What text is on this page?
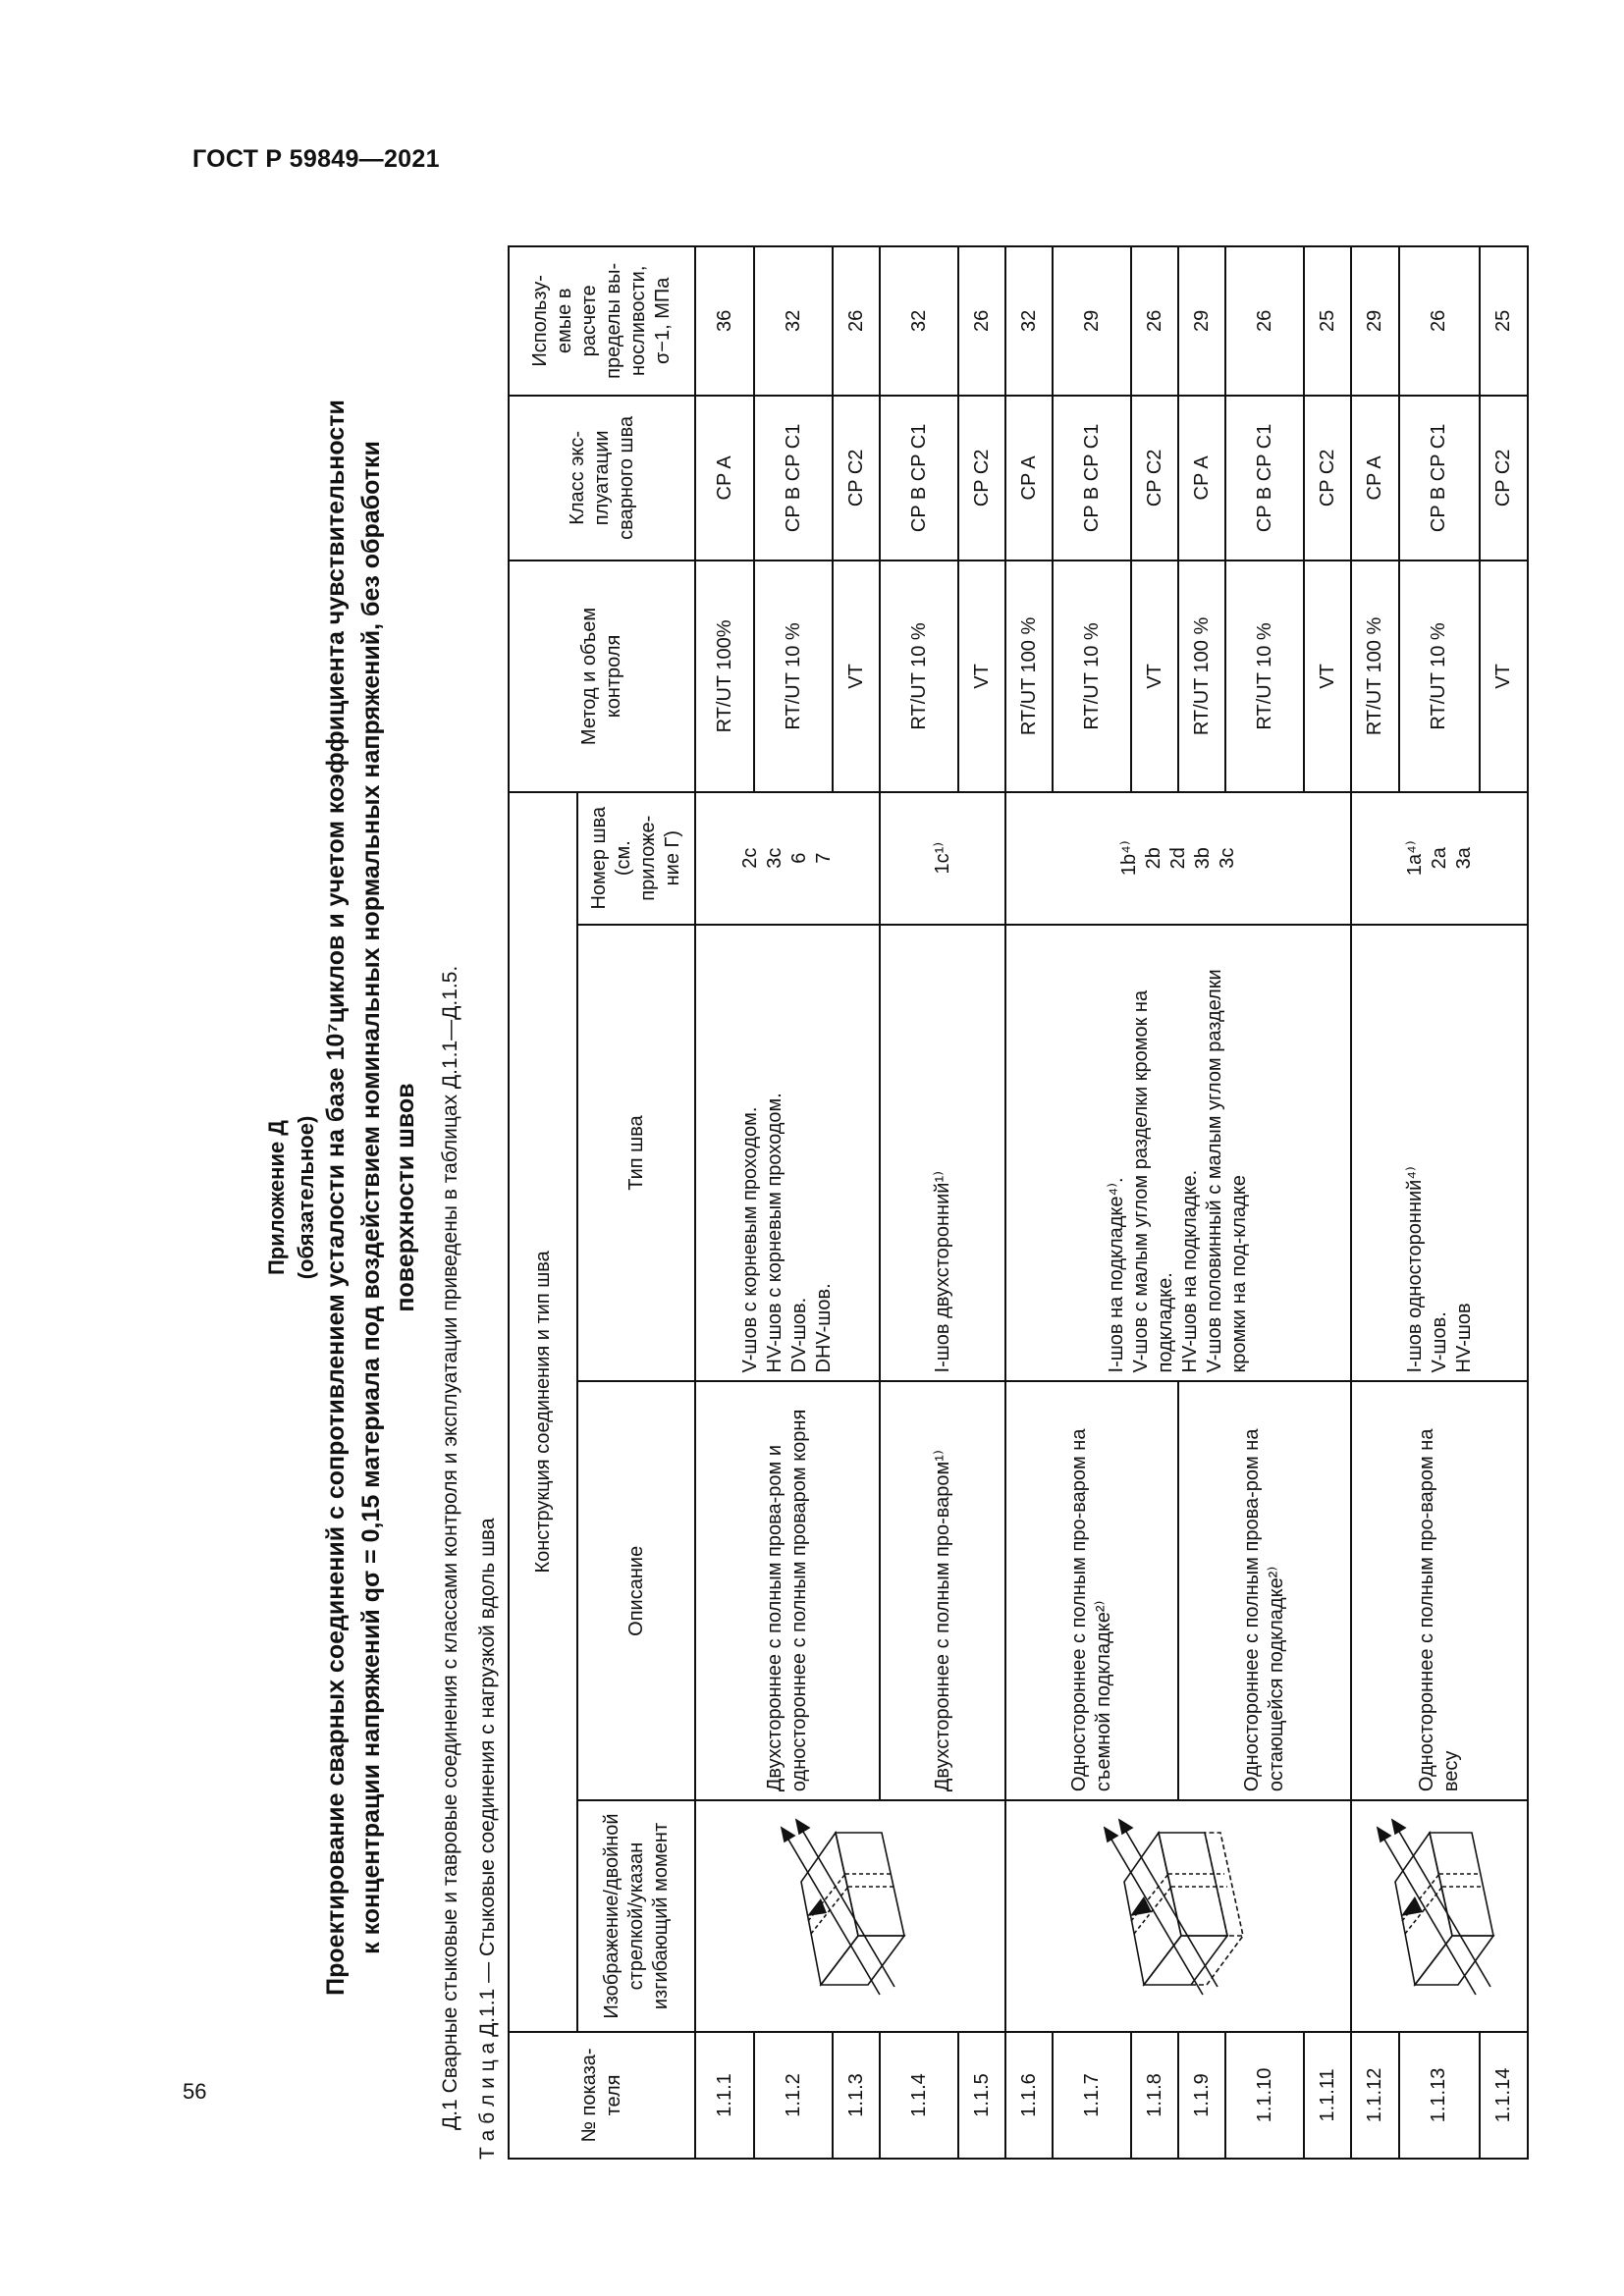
ГОСТ Р 59849—2021
56
Приложение Д (обязательное) Проектирование сварных соединений с сопротивлением усталости на базе 10⁷циклов и учетом коэффициента чувствительности к концентрации напряжений qσ = 0,15 материала под воздействием номинальных нормальных напряжений, без обработки поверхности швов Д.1 Сварные стыковые и тавровые соединения с классами контроля и эксплуатации приведены в таблицах Д.1.1—Д.1.5. Т а б л и ц а Д.1.1 — Стыковые соединения с нагрузкой вдоль шва	№ показа-теля	Конструкция соединения и тип шва				Метод и объем контроля	Класс экс-плуатации сварного шва	Использу-емые в расчете пределы вы-носливости, σ−1, МПа
	Изображение/двойной стрелкой/указан изгибающий момент	Описание	Тип шва	Номер шва (см. приложе-ние Г)			
1.1.1		Двухстороннее с полным прова-ром и одностороннее с полным проваром корня	V-шов с корневым проходом. HV-шов с корневым проходом. DV-шов. DHV-шов.	2c 3c 6 7	RT/UT 100%	CP A	36
1.1.2					RT/UT 10 %	CP B CP C1	32
1.1.3					VT	CP C2	26
1.1.4		Двухстороннее с полным про-варом¹⁾	I-шов двухсторонний¹⁾	1c¹⁾	RT/UT 10 %	CP B CP C1	32
1.1.5					VT	CP C2	26
1.1.6		Одностороннее с полным про-варом на съемной подкладке²⁾	I-шов на подкладке⁴⁾. V-шов с малым углом разделки кромок на подкладке. HV-шов на подкладке. V-шов половинный с малым углом разделки кромки на под-кладке	1b⁴⁾ 2b 2d 3b 3c	RT/UT 100 %	CP A	32
1.1.7					RT/UT 10 %	CP B CP C1	29
1.1.8					VT	CP C2	26
1.1.9		Одностороннее с полным прова-ром на остающейся подкладке²⁾			RT/UT 100 %	CP A	29
1.1.10					RT/UT 10 %	CP B CP C1	26
1.1.11					VT	CP C2	25
1.1.12		Одностороннее с полным про-варом на весу	I-шов односторонний⁴⁾ V-шов. HV-шов	1a⁴⁾ 2a 3a	RT/UT 100 %	CP A	29
1.1.13					RT/UT 10 %	CP B CP C1	26
1.1.14					VT	CP C2	25
